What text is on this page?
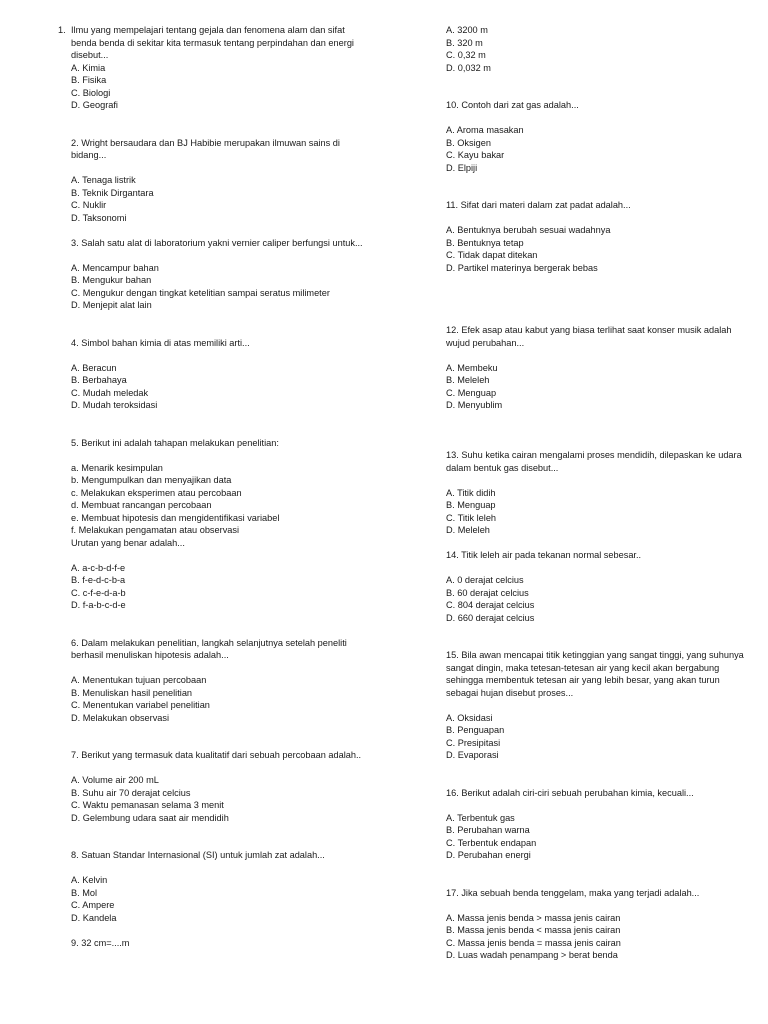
1. Ilmu yang mempelajari tentang gejala dan fenomena alam dan sifat
benda benda di sekitar kita termasuk tentang perpindahan dan energi
disebut...
A. Kimia
B. Fisika
C. Biologi
D. Geografi
2. Wright bersaudara dan BJ Habibie merupakan ilmuwan sains di
bidang...
A. Tenaga listrik
B. Teknik Dirgantara
C. Nuklir
D. Taksonomi
3. Salah satu alat di laboratorium yakni vernier caliper berfungsi untuk...
A. Mencampur bahan
B. Mengukur bahan
C. Mengukur dengan tingkat ketelitian sampai seratus milimeter
D. Menjepit alat lain
4. Simbol bahan kimia di atas memiliki arti...
A. Beracun
B. Berbahaya
C. Mudah meledak
D. Mudah teroksidasi
5. Berikut ini adalah tahapan melakukan penelitian:
a. Menarik kesimpulan
b. Mengumpulkan dan menyajikan data
c. Melakukan eksperimen atau percobaan
d. Membuat rancangan percobaan
e. Membuat hipotesis dan mengidentifikasi variabel
f. Melakukan pengamatan atau observasi
Urutan yang benar adalah...
A. a-c-b-d-f-e
B. f-e-d-c-b-a
C. c-f-e-d-a-b
D. f-a-b-c-d-e
6. Dalam melakukan penelitian, langkah selanjutnya setelah peneliti
berhasil menuliskan hipotesis adalah...
A. Menentukan tujuan percobaan
B. Menuliskan hasil penelitian
C. Menentukan variabel penelitian
D. Melakukan observasi
7. Berikut yang termasuk data kualitatif dari sebuah percobaan adalah..
A. Volume air 200 mL
B. Suhu air 70 derajat celcius
C. Waktu pemanasan selama 3 menit
D. Gelembung udara saat air mendidih
8. Satuan Standar Internasional (SI) untuk jumlah zat adalah...
A. Kelvin
B. Mol
C. Ampere
D. Kandela
9. 32 cm=....m
A. 3200 m
B. 320 m
C. 0,32 m
D. 0,032 m
10. Contoh dari zat gas adalah...
A. Aroma masakan
B. Oksigen
C. Kayu bakar
D. Elpiji
11. Sifat dari materi dalam zat padat adalah...
A. Bentuknya berubah sesuai wadahnya
B. Bentuknya tetap
C. Tidak dapat ditekan
D. Partikel materinya bergerak bebas
12. Efek asap atau kabut yang biasa terlihat saat konser musik adalah
wujud perubahan...
A. Membeku
B. Meleleh
C. Menguap
D. Menyublim
13. Suhu ketika cairan mengalami proses mendidih, dilepaskan ke udara
dalam bentuk gas disebut...
A. Titik didih
B. Menguap
C. Titik leleh
D. Meleleh
14. Titik leleh air pada tekanan normal sebesar..
A. 0 derajat celcius
B. 60 derajat celcius
C. 804 derajat celcius
D. 660 derajat celcius
15. Bila awan mencapai titik ketinggian yang sangat tinggi, yang suhunya
sangat dingin, maka tetesan-tetesan air yang kecil akan bergabung
sehingga membentuk tetesan air yang lebih besar, yang akan turun
sebagai hujan disebut proses...
A. Oksidasi
B. Penguapan
C. Presipitasi
D. Evaporasi
16. Berikut adalah ciri-ciri sebuah perubahan kimia, kecuali...
A. Terbentuk gas
B. Perubahan warna
C. Terbentuk endapan
D. Perubahan energi
17. Jika sebuah benda tenggelam, maka yang terjadi adalah...
A. Massa jenis benda > massa jenis cairan
B. Massa jenis benda < massa jenis cairan
C. Massa jenis benda = massa jenis cairan
D. Luas wadah penampang > berat benda
